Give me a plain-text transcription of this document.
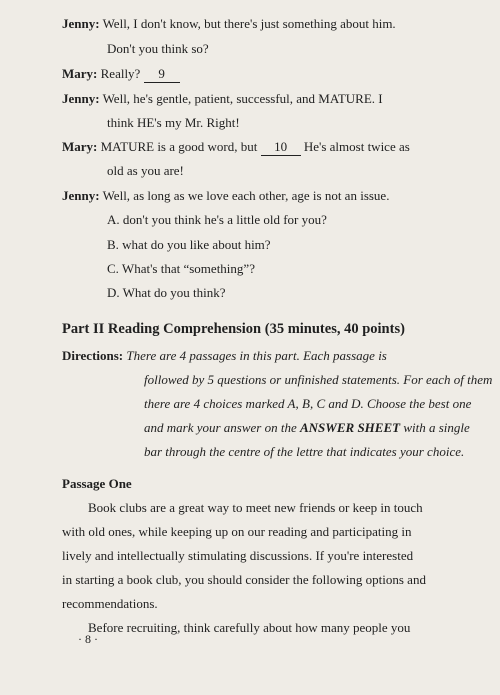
Jenny: Well, I don't know, but there's just something about him.
Don't you think so?
Mary: Really? 9
Jenny: Well, he's gentle, patient, successful, and MATURE. I
think HE's my Mr. Right!
Mary: MATURE is a good word, but 10 He's almost twice as
old as you are!
Jenny: Well, as long as we love each other, age is not an issue.
A. don't you think he's a little old for you?
B. what do you like about him?
C. What's that “something”?
D. What do you think?
Part II Reading Comprehension (35 minutes, 40 points)
Directions: There are 4 passages in this part. Each passage is
followed by 5 questions or unfinished statements. For each of them
there are 4 choices marked A, B, C and D. Choose the best one
and mark your answer on the ANSWER SHEET with a single
bar through the centre of the lettre that indicates your choice.
Passage One
Book clubs are a great way to meet new friends or keep in touch
with old ones, while keeping up on our reading and participating in
lively and intellectually stimulating discussions. If you're interested
in starting a book club, you should consider the following options and
recommendations.
Before recruiting, think carefully about how many people you
· 8 ·
